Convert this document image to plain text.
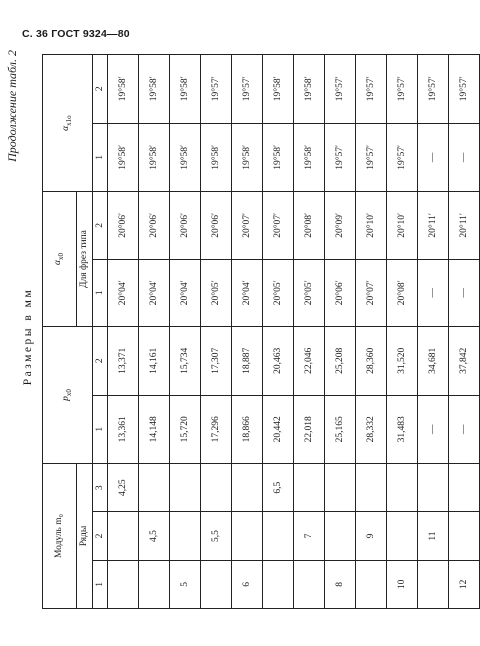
С. 36 ГОСТ 9324—80
Продолжение табл. 2
Размеры в мм
Модуль m₀			$p_{x0}$		$\alpha_{x0}$		$\alpha_{x1o}$
Ряды					Для фрез типа			
1	2	3	1	2	1	2	1	2
		4,25	13,361	13,371	20°04′	20°06′	19°58′	19°58′
	4,5		14,148	14,161	20°04′	20°06′	19°58′	19°58′
5			15,720	15,734	20°04′	20°06′	19°58′	19°58′
	5,5		17,296	17,307	20°05′	20°06′	19°58′	19°57′
6			18,866	18,887	20°04′	20°07′	19°58′	19°57′
		6,5	20,442	20,463	20°05′	20°07′	19°58′	19°58′
	7		22,018	22,046	20°05′	20°08′	19°58′	19°58′
8			25,165	25,208	20°06′	20°09′	19°57′	19°57′
	9		28,332	28,360	20°07′	20°10′	19°57′	19°57′
10			31,483	31,520	20°08′	20°10′	19°57′	19°57′
	11		—	34,681	—	20°11′	—	19°57′
12			—	37,842	—	20°11′	—	19°57′
